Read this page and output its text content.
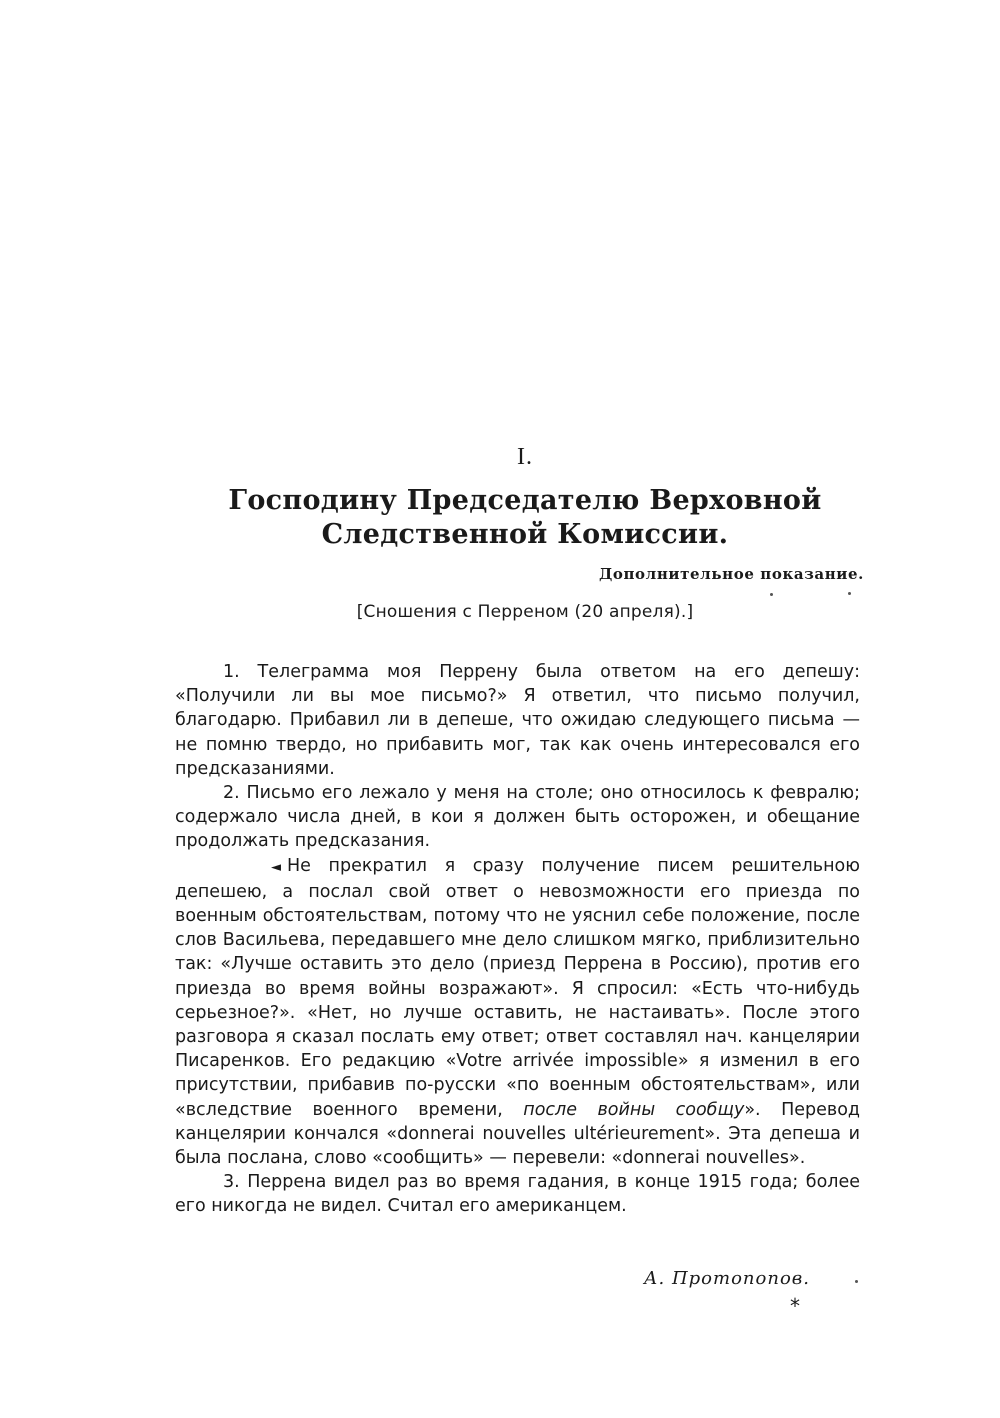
I.
Господину Председателю Верховной
Следственной Комиссии.
Дополнительное показание.
[Сношения с Перреном (20 апреля).]

1. Телеграмма моя Перрену была ответом на его депешу: «Получили ли вы мое письмо?» Я ответил, что письмо получил, благодарю. Прибавил ли в депеше, что ожидаю следующего письма — не помню твердо, но прибавить мог, так как очень интересовался его предсказаниями.

2. Письмо его лежало у меня на столе; оно относилось к февралю; содержало числа дней, в кои я должен быть осторожен, и обещание продолжать предсказания.

◄ Не прекратил я сразу получение писем решительною депешею, а послал свой ответ о невозможности его приезда по военным обстоятельствам, потому что не уяснил себе положение, после слов Васильева, передавшего мне дело слишком мягко, приблизительно так: «Лучше оставить это дело (приезд Перрена в Россию), против его приезда во время войны возражают». Я спросил: «Есть что-нибудь серьезное?». «Нет, но лучше оставить, не настаивать». После этого разговора я сказал послать ему ответ; ответ составлял нач. канцелярии Писаренков. Его редакцию «Votre arrivée impossible» я изменил в его присутствии, прибавив по-русски «по военным обстоятельствам», или «вследствие военного времени, после войны сообщу». Перевод канцелярии кончался «donnerai nouvelles ultérieurement». Эта депеша и была послана, слово «сообщить» — перевели: «donnerai nouvelles».

3. Перрена видел раз во время гадания, в конце 1915 года; более его никогда не видел. Считал его американцем.

А. Протопопов.
*
